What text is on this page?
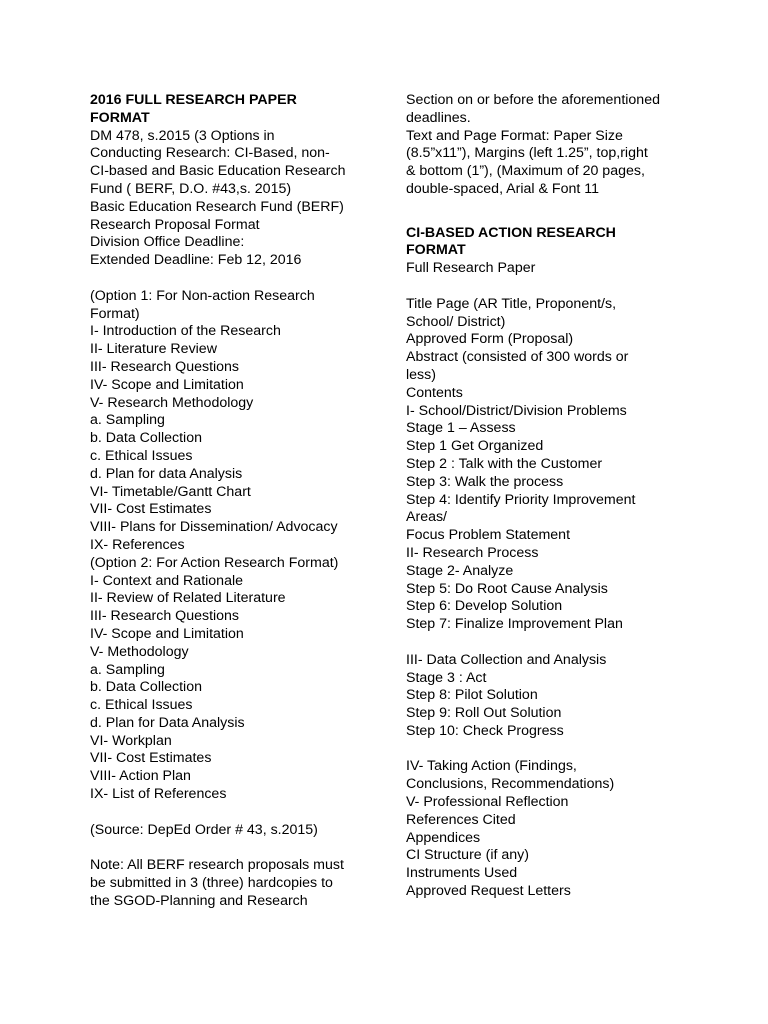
2016 FULL RESEARCH PAPER
FORMAT
DM 478, s.2015 (3 Options in
Conducting Research: CI-Based, non-
CI-based and Basic Education Research
Fund ( BERF, D.O. #43,s. 2015)
Basic Education Research Fund (BERF)
Research Proposal Format
Division Office Deadline:
Extended Deadline: Feb 12, 2016
(Option 1: For Non-action Research
Format)
I- Introduction of the Research
II- Literature Review
III- Research Questions
IV- Scope and Limitation
V- Research Methodology
a. Sampling
b. Data Collection
c. Ethical Issues
d. Plan for data Analysis
VI- Timetable/Gantt Chart
VII- Cost Estimates
VIII- Plans for Dissemination/ Advocacy
IX- References
(Option 2: For Action Research Format)
I- Context and Rationale
II- Review of Related Literature
III- Research Questions
IV- Scope and Limitation
V- Methodology
a. Sampling
b. Data Collection
c. Ethical Issues
d. Plan for Data Analysis
VI- Workplan
VII- Cost Estimates
VIII- Action Plan
IX- List of References
(Source: DepEd Order # 43, s.2015)
Note: All BERF research proposals must
be submitted in 3 (three) hardcopies to
the SGOD-Planning and Research
Section on or before the aforementioned
deadlines.
Text and Page Format: Paper Size
(8.5”x11”), Margins (left 1.25”, top,right
& bottom (1”), (Maximum of 20 pages,
double-spaced, Arial & Font 11
CI-BASED ACTION RESEARCH
FORMAT
Full Research Paper
Title Page (AR Title, Proponent/s,
School/ District)
Approved Form (Proposal)
Abstract (consisted of 300 words or
less)
Contents
I- School/District/Division Problems
Stage 1 – Assess
Step 1 Get Organized
Step 2 : Talk with the Customer
Step 3: Walk the process
Step 4: Identify Priority Improvement
Areas/
Focus Problem Statement
II- Research Process
Stage 2- Analyze
Step 5: Do Root Cause Analysis
Step 6: Develop Solution
Step 7: Finalize Improvement Plan
III- Data Collection and Analysis
Stage 3 : Act
Step 8: Pilot Solution
Step 9: Roll Out Solution
Step 10: Check Progress
IV- Taking Action (Findings,
Conclusions, Recommendations)
V- Professional Reflection
References Cited
Appendices
CI Structure (if any)
Instruments Used
Approved Request Letters
